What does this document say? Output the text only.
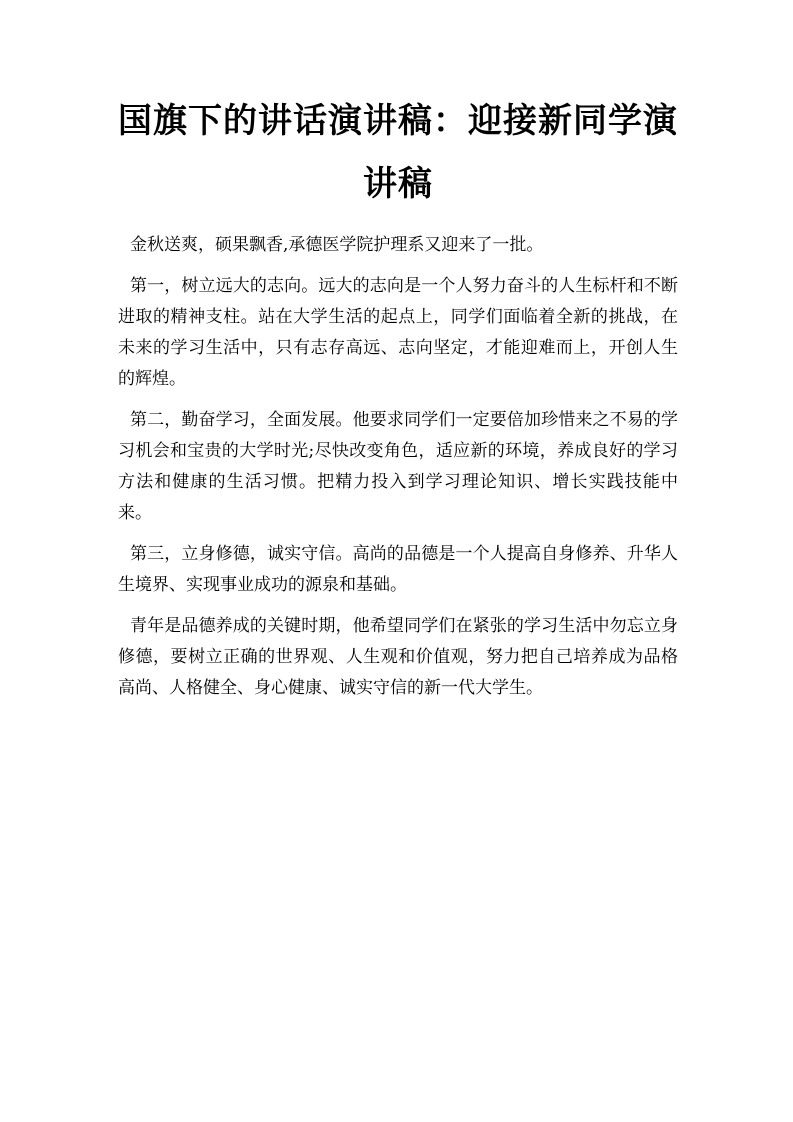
国旗下的讲话演讲稿：迎接新同学演讲稿

金秋送爽，硕果飘香,承德医学院护理系又迎来了一批。

第一，树立远大的志向。远大的志向是一个人努力奋斗的人生标杆和不断进取的精神支柱。站在大学生活的起点上，同学们面临着全新的挑战，在未来的学习生活中，只有志存高远、志向坚定，才能迎难而上，开创人生的辉煌。

第二，勤奋学习，全面发展。他要求同学们一定要倍加珍惜来之不易的学习机会和宝贵的大学时光;尽快改变角色，适应新的环境，养成良好的学习方法和健康的生活习惯。把精力投入到学习理论知识、增长实践技能中来。

第三，立身修德，诚实守信。高尚的品德是一个人提高自身修养、升华人生境界、实现事业成功的源泉和基础。

青年是品德养成的关键时期，他希望同学们在紧张的学习生活中勿忘立身修德，要树立正确的世界观、人生观和价值观，努力把自己培养成为品格高尚、人格健全、身心健康、诚实守信的新一代大学生。
